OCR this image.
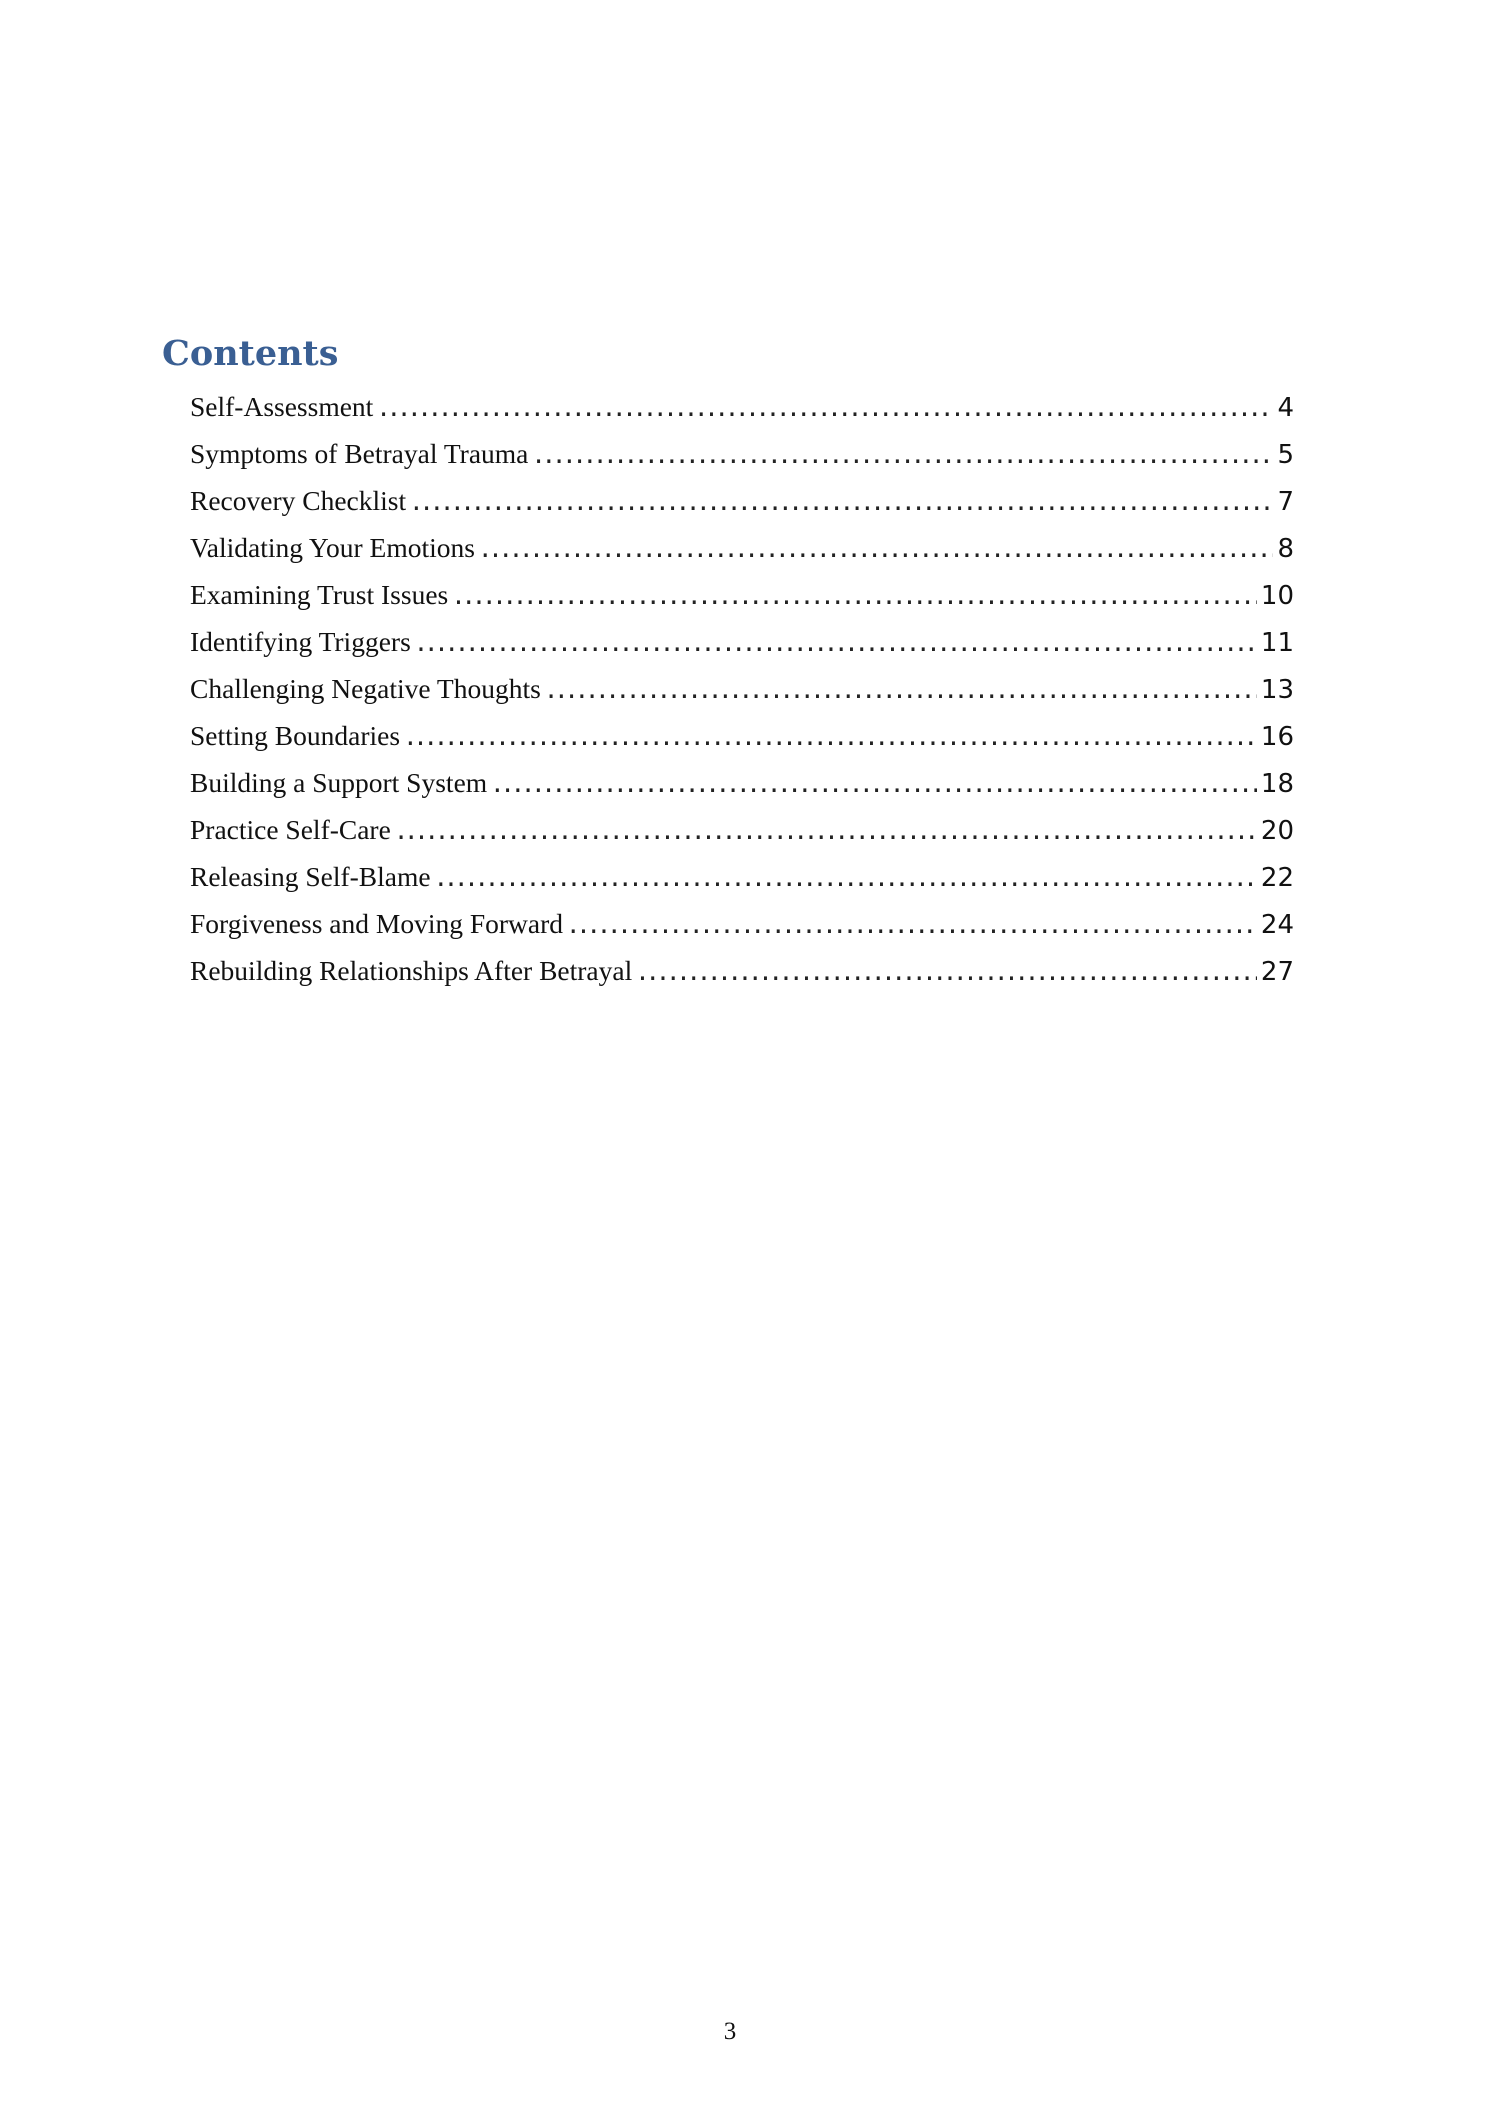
Contents
Self-Assessment .....	4
Symptoms of Betrayal Trauma .....	5
Recovery Checklist .....	7
Validating Your Emotions .....	8
Examining Trust Issues .....	10
Identifying Triggers .....	11
Challenging Negative Thoughts .....	13
Setting Boundaries .....	16
Building a Support System .....	18
Practice Self-Care .....	20
Releasing Self-Blame .....	22
Forgiveness and Moving Forward .....	24
Rebuilding Relationships After Betrayal .....	27
3
